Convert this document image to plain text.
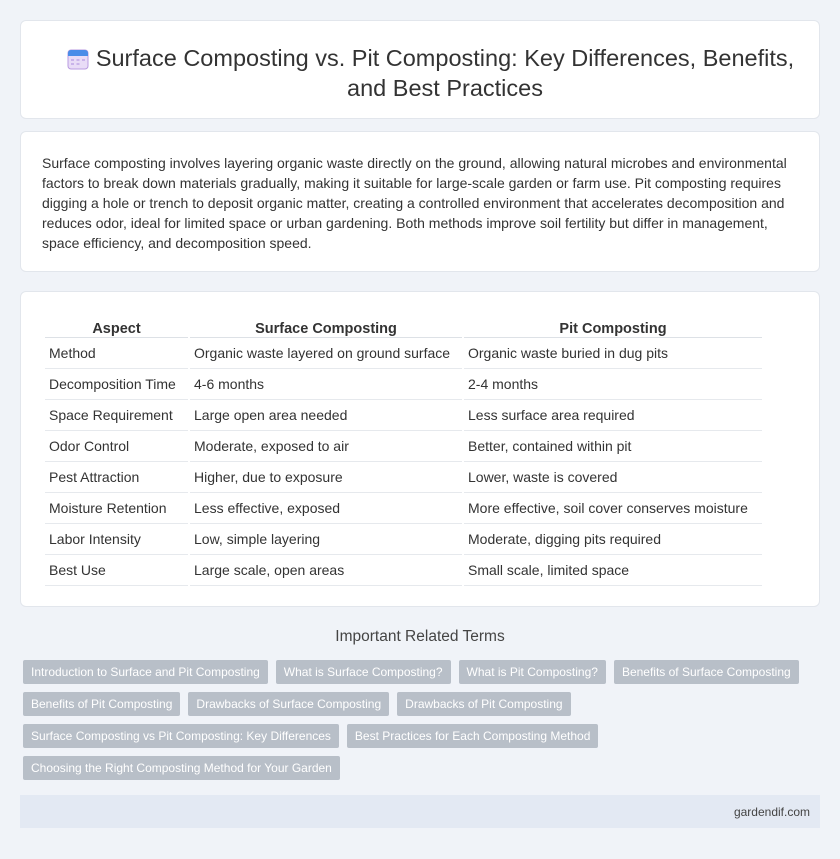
Surface Composting vs. Pit Composting: Key Differences, Benefits, and Best Practices

Surface composting involves layering organic waste directly on the ground, allowing natural microbes and environmental factors to break down materials gradually, making it suitable for large-scale garden or farm use. Pit composting requires digging a hole or trench to deposit organic matter, creating a controlled environment that accelerates decomposition and reduces odor, ideal for limited space or urban gardening. Both methods improve soil fertility but differ in management, space efficiency, and decomposition speed.

Aspect	Surface Composting	Pit Composting
Method	Organic waste layered on ground surface	Organic waste buried in dug pits
Decomposition Time	4-6 months	2-4 months
Space Requirement	Large open area needed	Less surface area required
Odor Control	Moderate, exposed to air	Better, contained within pit
Pest Attraction	Higher, due to exposure	Lower, waste is covered
Moisture Retention	Less effective, exposed	More effective, soil cover conserves moisture
Labor Intensity	Low, simple layering	Moderate, digging pits required
Best Use	Large scale, open areas	Small scale, limited space
Important Related Terms
Introduction to Surface and Pit Composting	What is Surface Composting?	What is Pit Composting?	Benefits of Surface Composting
Benefits of Pit Composting	Drawbacks of Surface Composting	Drawbacks of Pit Composting
Surface Composting vs Pit Composting: Key Differences	Best Practices for Each Composting Method
Choosing the Right Composting Method for Your Garden
gardendif.com
